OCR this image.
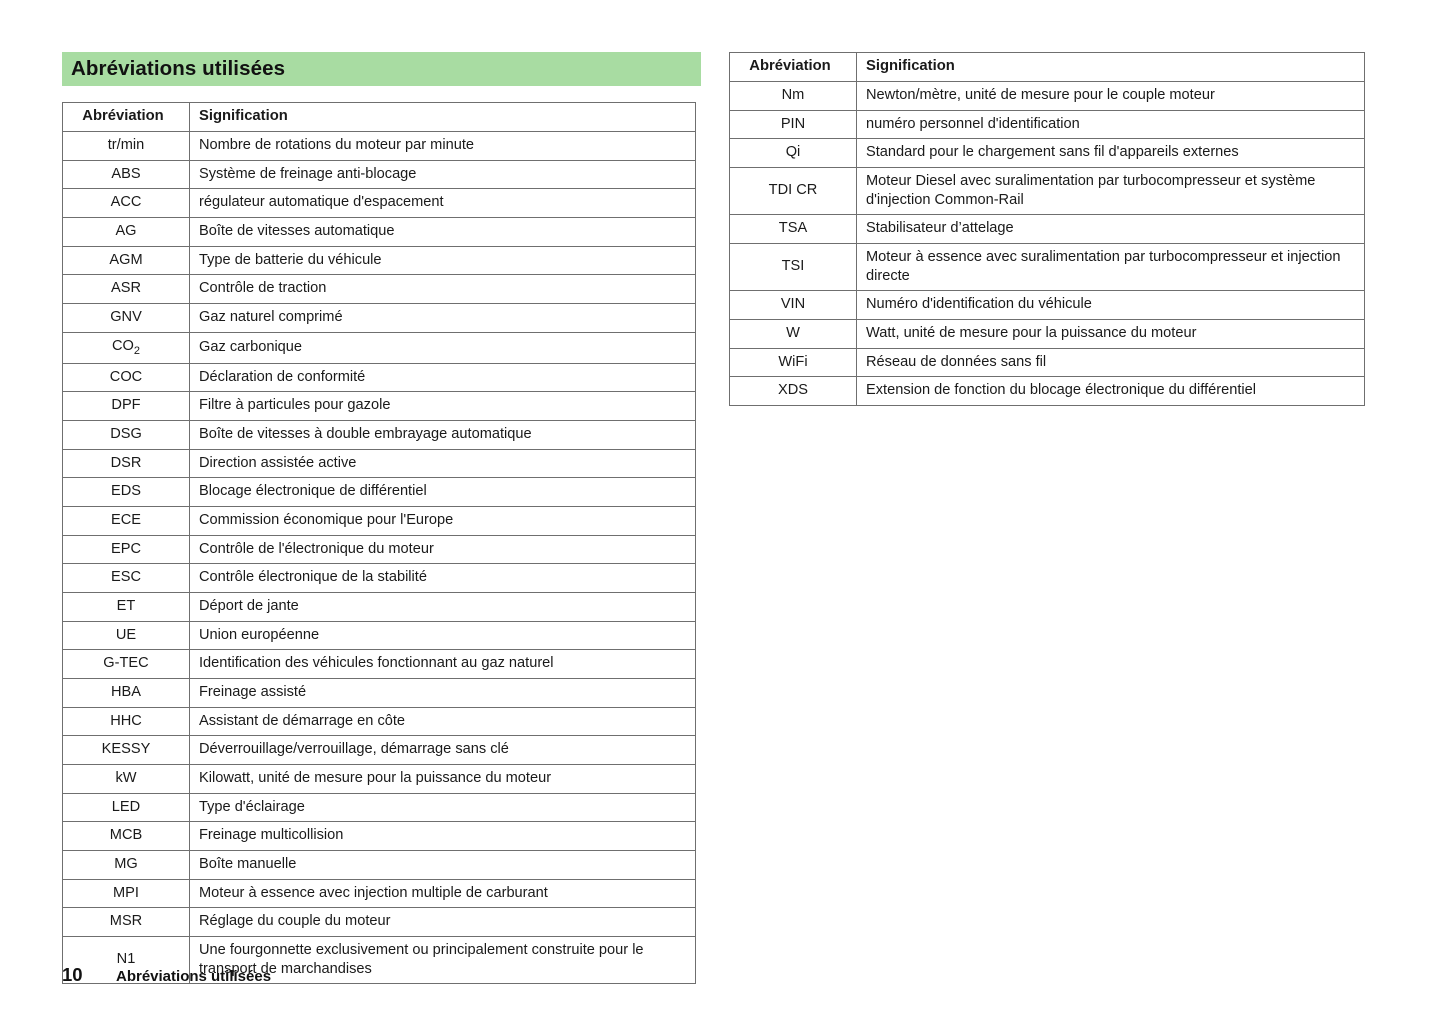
Abréviations utilisées
Abréviation	Signification
tr/min	Nombre de rotations du moteur par minute
ABS	Système de freinage anti-blocage
ACC	régulateur automatique d'espacement
AG	Boîte de vitesses automatique
AGM	Type de batterie du véhicule
ASR	Contrôle de traction
GNV	Gaz naturel comprimé
$CO_2$	Gaz carbonique
COC	Déclaration de conformité
DPF	Filtre à particules pour gazole
DSG	Boîte de vitesses à double embrayage automatique
DSR	Direction assistée active
EDS	Blocage électronique de différentiel
ECE	Commission économique pour l'Europe
EPC	Contrôle de l'électronique du moteur
ESC	Contrôle électronique de la stabilité
ET	Déport de jante
UE	Union européenne
G-TEC	Identification des véhicules fonctionnant au gaz naturel
HBA	Freinage assisté
HHC	Assistant de démarrage en côte
KESSY	Déverrouillage/verrouillage, démarrage sans clé
kW	Kilowatt, unité de mesure pour la puissance du moteur
LED	Type d'éclairage
MCB	Freinage multicollision
MG	Boîte manuelle
MPI	Moteur à essence avec injection multiple de carburant
MSR	Réglage du couple du moteur
N1	Une fourgonnette exclusivement ou principalement construite pour le transport de marchandises
Abréviation	Signification
Nm	Newton/mètre, unité de mesure pour le couple moteur
PIN	numéro personnel d'identification
Qi	Standard pour le chargement sans fil d'appareils externes
TDI CR	Moteur Diesel avec suralimentation par turbocompresseur et système d'injection Common-Rail
TSA	Stabilisateur d’attelage
TSI	Moteur à essence avec suralimentation par turbocompresseur et injection directe
VIN	Numéro d'identification du véhicule
W	Watt, unité de mesure pour la puissance du moteur
WiFi	Réseau de données sans fil
XDS	Extension de fonction du blocage électronique du différentiel
10	Abréviations utilisées
